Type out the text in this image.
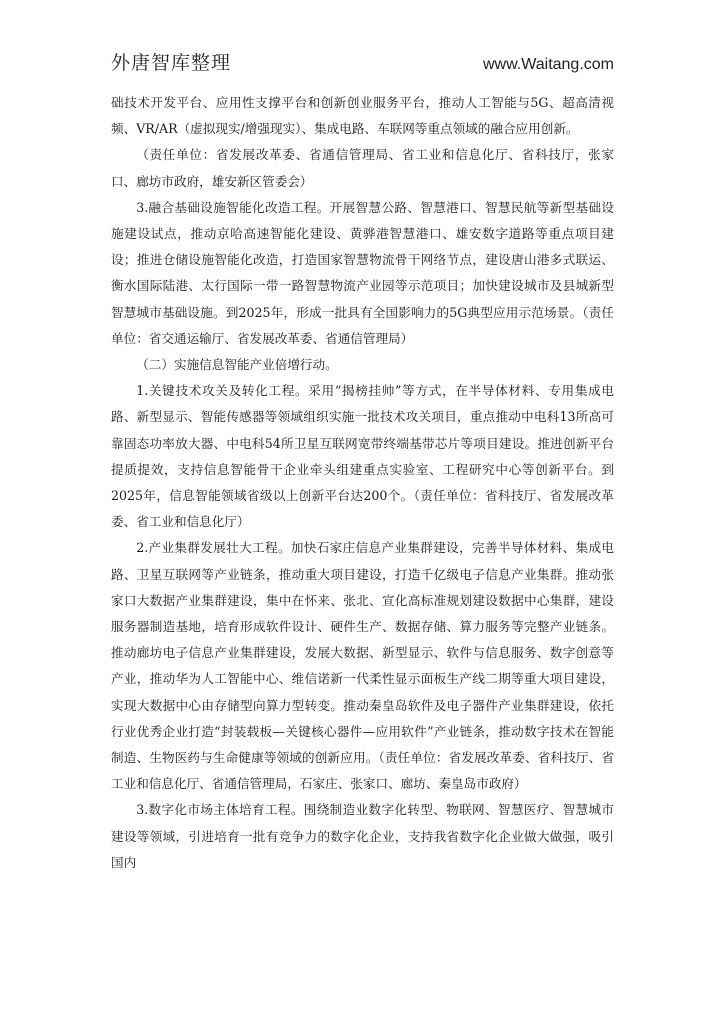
外唐智库整理	www.Waitang.com

础技术开发平台、应用性支撑平台和创新创业服务平台，推动人工智能与5G、超高清视频、VR/AR（虚拟现实/增强现实）、集成电路、车联网等重点领域的融合应用创新。

（责任单位：省发展改革委、省通信管理局、省工业和信息化厅、省科技厅，张家口、廊坊市政府，雄安新区管委会）

3.融合基础设施智能化改造工程。开展智慧公路、智慧港口、智慧民航等新型基础设施建设试点，推动京哈高速智能化建设、黄骅港智慧港口、雄安数字道路等重点项目建设；推进仓储设施智能化改造，打造国家智慧物流骨干网络节点，建设唐山港多式联运、衡水国际陆港、太行国际一带一路智慧物流产业园等示范项目；加快建设城市及县城新型智慧城市基础设施。到2025年，形成一批具有全国影响力的5G典型应用示范场景。（责任单位：省交通运输厅、省发展改革委、省通信管理局）

（二）实施信息智能产业倍增行动。

1.关键技术攻关及转化工程。采用“揭榜挂帅”等方式，在半导体材料、专用集成电路、新型显示、智能传感器等领域组织实施一批技术攻关项目，重点推动中电科13所高可靠固态功率放大器、中电科54所卫星互联网宽带终端基带芯片等项目建设。推进创新平台提质提效，支持信息智能骨干企业牵头组建重点实验室、工程研究中心等创新平台。到2025年，信息智能领域省级以上创新平台达200个。（责任单位：省科技厅、省发展改革委、省工业和信息化厅）

2.产业集群发展壮大工程。加快石家庄信息产业集群建设，完善半导体材料、集成电路、卫星互联网等产业链条，推动重大项目建设，打造千亿级电子信息产业集群。推动张家口大数据产业集群建设，集中在怀来、张北、宣化高标准规划建设数据中心集群，建设服务器制造基地，培育形成软件设计、硬件生产、数据存储、算力服务等完整产业链条。推动廊坊电子信息产业集群建设，发展大数据、新型显示、软件与信息服务、数字创意等产业，推动华为人工智能中心、维信诺新一代柔性显示面板生产线二期等重大项目建设，实现大数据中心由存储型向算力型转变。推动秦皇岛软件及电子器件产业集群建设，依托行业优秀企业打造“封装载板—关键核心器件—应用软件”产业链条，推动数字技术在智能制造、生物医药与生命健康等领域的创新应用。（责任单位：省发展改革委、省科技厅、省工业和信息化厅、省通信管理局，石家庄、张家口、廊坊、秦皇岛市政府）

3.数字化市场主体培育工程。围绕制造业数字化转型、物联网、智慧医疗、智慧城市建设等领域，引进培育一批有竞争力的数字化企业，支持我省数字化企业做大做强，吸引国内
